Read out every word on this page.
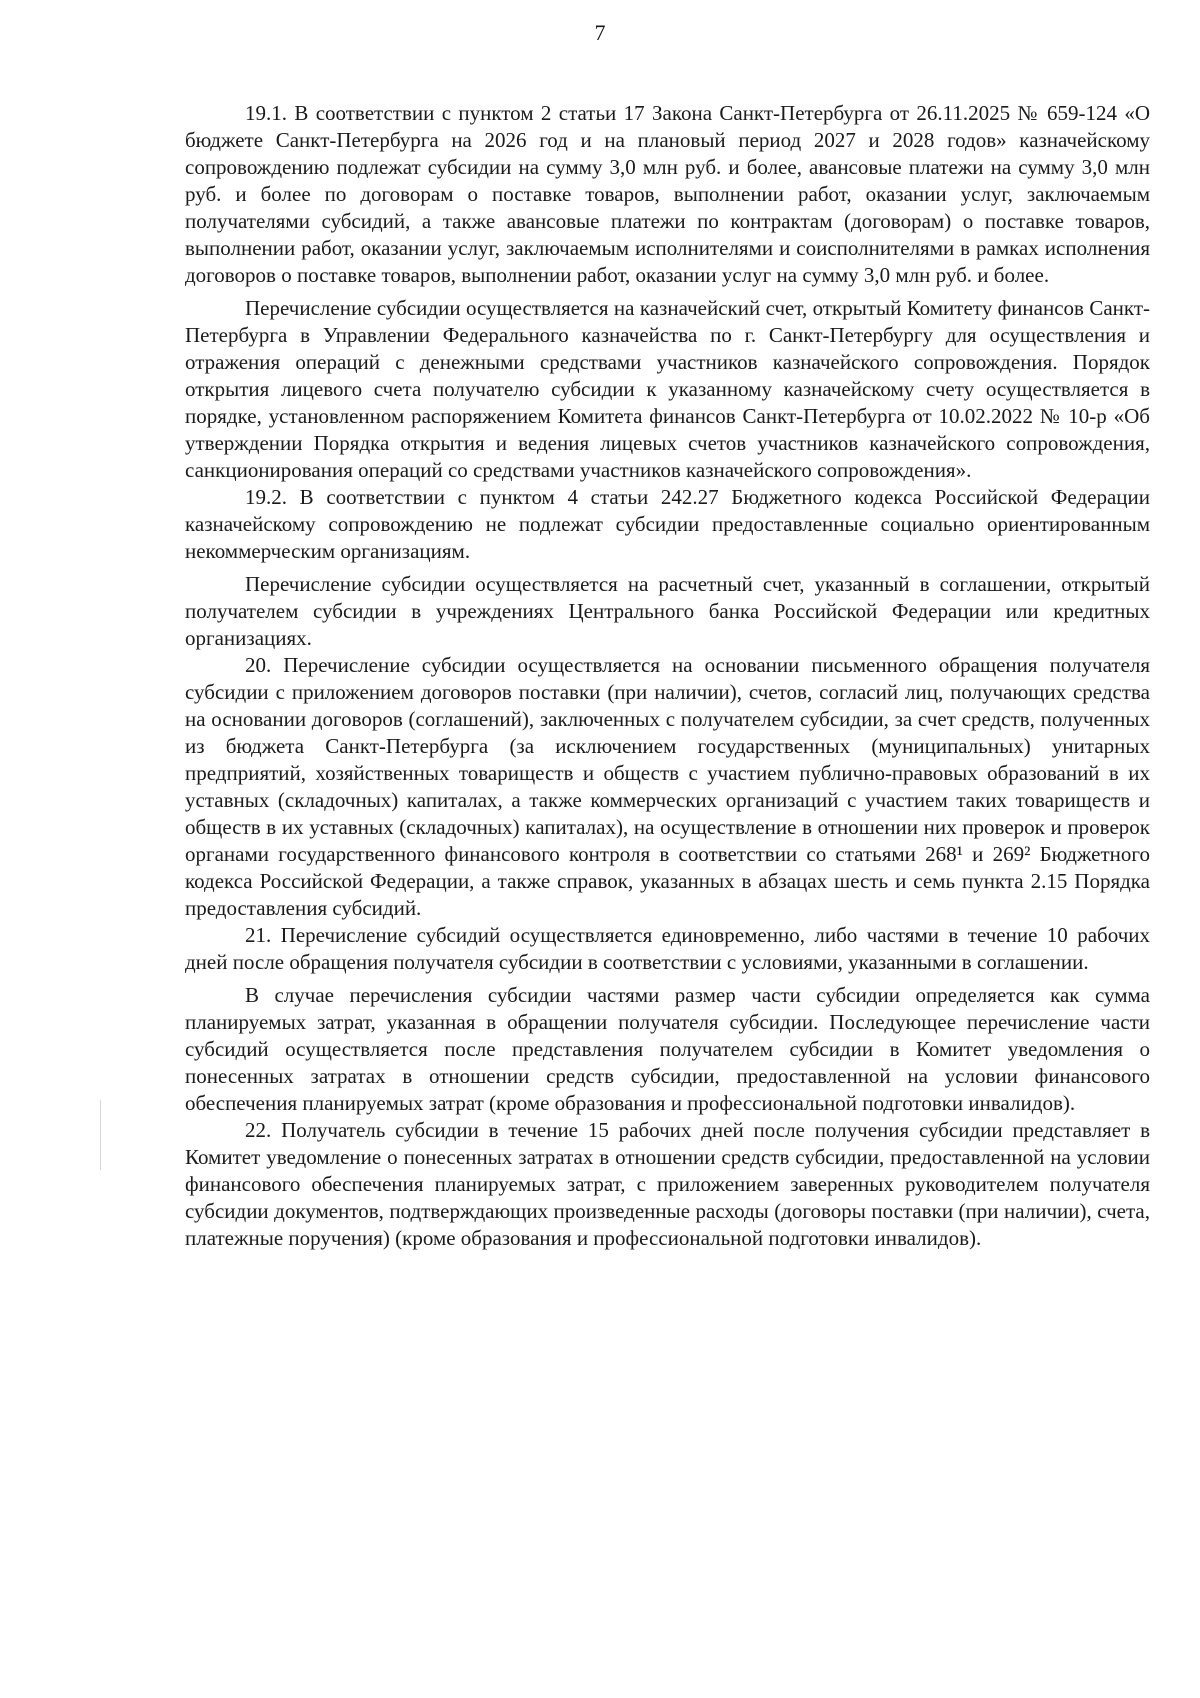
7

19.1. В соответствии с пунктом 2 статьи 17 Закона Санкт-Петербурга от 26.11.2025 № 659-124 «О бюджете Санкт-Петербурга на 2026 год и на плановый период 2027 и 2028 годов» казначейскому сопровождению подлежат субсидии на сумму 3,0 млн руб. и более, авансовые платежи на сумму 3,0 млн руб. и более по договорам о поставке товаров, выполнении работ, оказании услуг, заключаемым получателями субсидий, а также авансовые платежи по контрактам (договорам) о поставке товаров, выполнении работ, оказании услуг, заключаемым исполнителями и соисполнителями в рамках исполнения договоров о поставке товаров, выполнении работ, оказании услуг на сумму 3,0 млн руб. и более.

Перечисление субсидии осуществляется на казначейский счет, открытый Комитету финансов Санкт-Петербурга в Управлении Федерального казначейства по г. Санкт-Петербургу для осуществления и отражения операций с денежными средствами участников казначейского сопровождения. Порядок открытия лицевого счета получателю субсидии к указанному казначейскому счету осуществляется в порядке, установленном распоряжением Комитета финансов Санкт-Петербурга от 10.02.2022 № 10-р «Об утверждении Порядка открытия и ведения лицевых счетов участников казначейского сопровождения, санкционирования операций со средствами участников казначейского сопровождения».

19.2. В соответствии с пунктом 4 статьи 242.27 Бюджетного кодекса Российской Федерации казначейскому сопровождению не подлежат субсидии предоставленные социально ориентированным некоммерческим организациям.

Перечисление субсидии осуществляется на расчетный счет, указанный в соглашении, открытый получателем субсидии в учреждениях Центрального банка Российской Федерации или кредитных организациях.

20. Перечисление субсидии осуществляется на основании письменного обращения получателя субсидии с приложением договоров поставки (при наличии), счетов, согласий лиц, получающих средства на основании договоров (соглашений), заключенных с получателем субсидии, за счет средств, полученных из бюджета Санкт-Петербурга (за исключением государственных (муниципальных) унитарных предприятий, хозяйственных товариществ и обществ с участием публично-правовых образований в их уставных (складочных) капиталах, а также коммерческих организаций с участием таких товариществ и обществ в их уставных (складочных) капиталах), на осуществление в отношении них проверок и проверок органами государственного финансового контроля в соответствии со статьями 268¹ и 269² Бюджетного кодекса Российской Федерации, а также справок, указанных в абзацах шесть и семь пункта 2.15 Порядка предоставления субсидий.

21. Перечисление субсидий осуществляется единовременно, либо частями в течение 10 рабочих дней после обращения получателя субсидии в соответствии с условиями, указанными в соглашении.

В случае перечисления субсидии частями размер части субсидии определяется как сумма планируемых затрат, указанная в обращении получателя субсидии. Последующее перечисление части субсидий осуществляется после представления получателем субсидии в Комитет уведомления о понесенных затратах в отношении средств субсидии, предоставленной на условии финансового обеспечения планируемых затрат (кроме образования и профессиональной подготовки инвалидов).

22. Получатель субсидии в течение 15 рабочих дней после получения субсидии представляет в Комитет уведомление о понесенных затратах в отношении средств субсидии, предоставленной на условии финансового обеспечения планируемых затрат, с приложением заверенных руководителем получателя субсидии документов, подтверждающих произведенные расходы (договоры поставки (при наличии), счета, платежные поручения) (кроме образования и профессиональной подготовки инвалидов).
